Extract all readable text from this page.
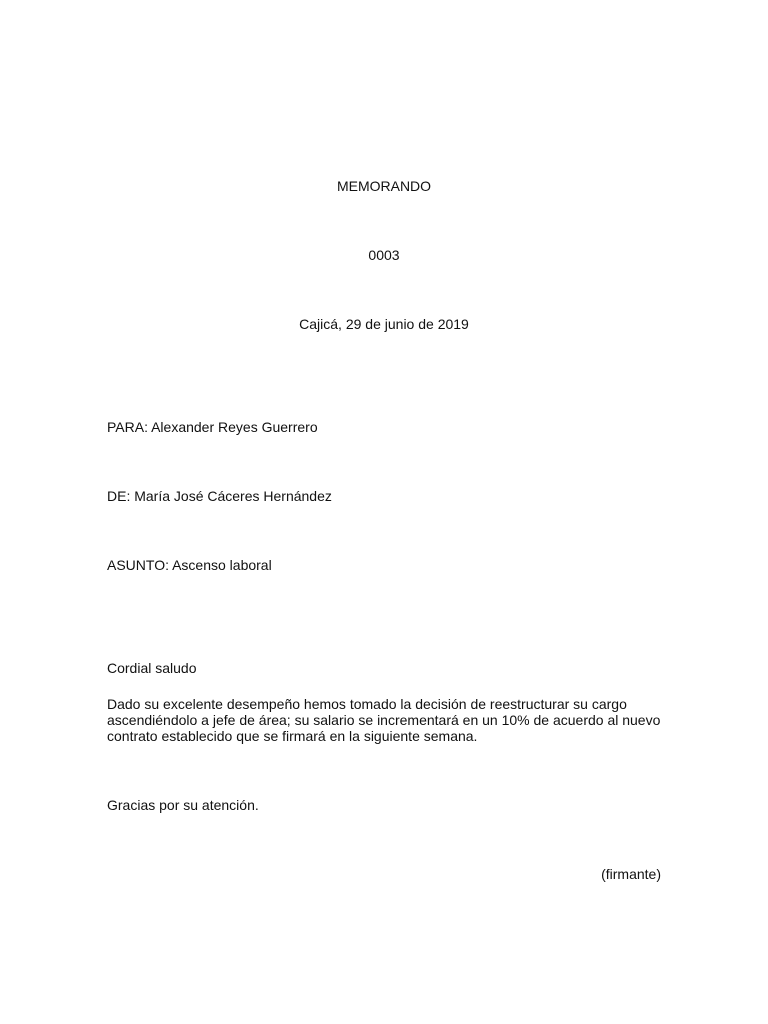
MEMORANDO
0003
Cajicá, 29 de junio de 2019
PARA: Alexander Reyes Guerrero
DE: María José Cáceres Hernández
ASUNTO: Ascenso laboral
Cordial saludo
Dado su excelente desempeño hemos tomado la decisión de reestructurar su cargo
ascendiéndolo a jefe de área; su salario se incrementará en un 10% de acuerdo al nuevo
contrato establecido que se firmará en la siguiente semana.
Gracias por su atención.
(firmante)
